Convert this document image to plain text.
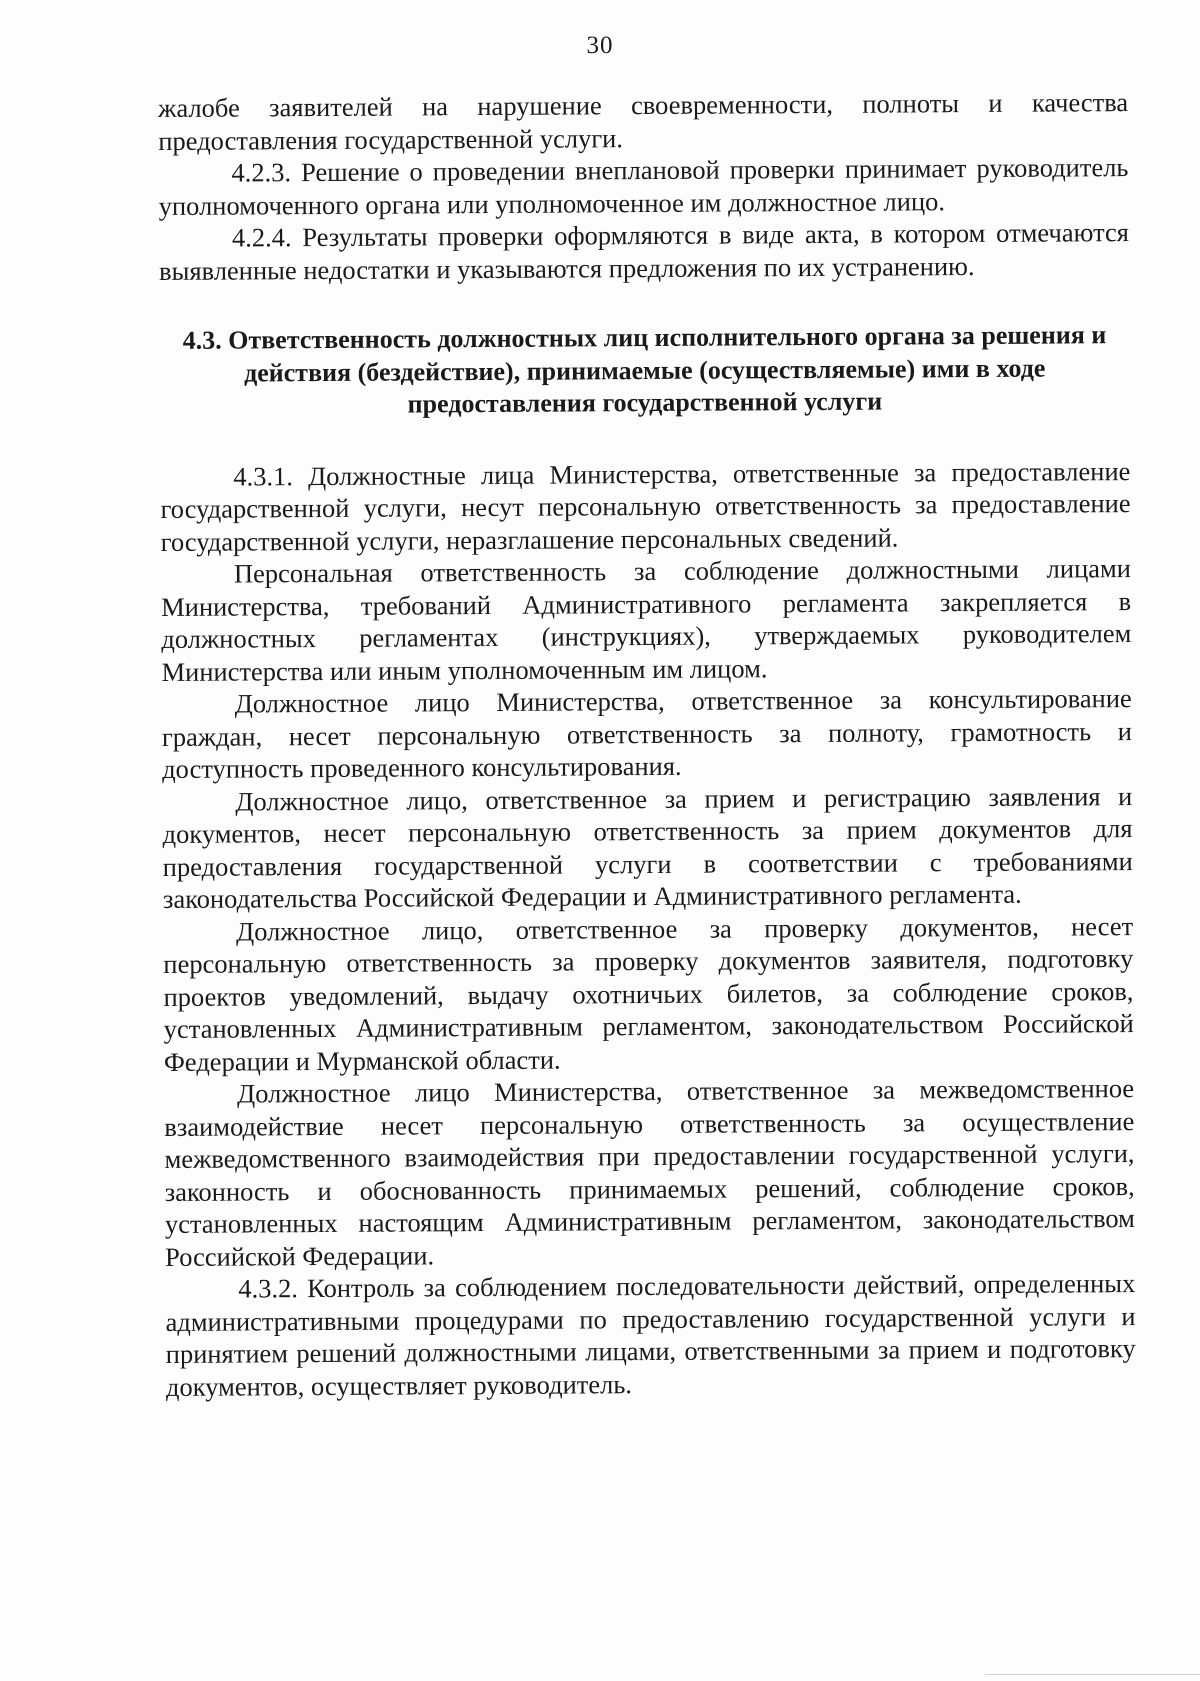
30

жалобе заявителей на нарушение своевременности, полноты и качества предоставления государственной услуги.

4.2.3. Решение о проведении внеплановой проверки принимает руководитель уполномоченного органа или уполномоченное им должностное лицо.

4.2.4. Результаты проверки оформляются в виде акта, в котором отмечаются выявленные недостатки и указываются предложения по их устранению.

4.3. Ответственность должностных лиц исполнительного органа за решения и действия (бездействие), принимаемые (осуществляемые) ими в ходе предоставления государственной услуги

4.3.1. Должностные лица Министерства, ответственные за предоставление государственной услуги, несут персональную ответственность за предоставление государственной услуги, неразглашение персональных сведений.

Персональная ответственность за соблюдение должностными лицами Министерства, требований Административного регламента закрепляется в должностных регламентах (инструкциях), утверждаемых руководителем Министерства или иным уполномоченным им лицом.

Должностное лицо Министерства, ответственное за консультирование граждан, несет персональную ответственность за полноту, грамотность и доступность проведенного консультирования.

Должностное лицо, ответственное за прием и регистрацию заявления и документов, несет персональную ответственность за прием документов для предоставления государственной услуги в соответствии с требованиями законодательства Российской Федерации и Административного регламента.

Должностное лицо, ответственное за проверку документов, несет персональную ответственность за проверку документов заявителя, подготовку проектов уведомлений, выдачу охотничьих билетов, за соблюдение сроков, установленных Административным регламентом, законодательством Российской Федерации и Мурманской области.

Должностное лицо Министерства, ответственное за межведомственное взаимодействие несет персональную ответственность за осуществление межведомственного взаимодействия при предоставлении государственной услуги, законность и обоснованность принимаемых решений, соблюдение сроков, установленных настоящим Административным регламентом, законодательством Российской Федерации.

4.3.2. Контроль за соблюдением последовательности действий, определенных административными процедурами по предоставлению государственной услуги и принятием решений должностными лицами, ответственными за прием и подготовку документов, осуществляет руководитель.
